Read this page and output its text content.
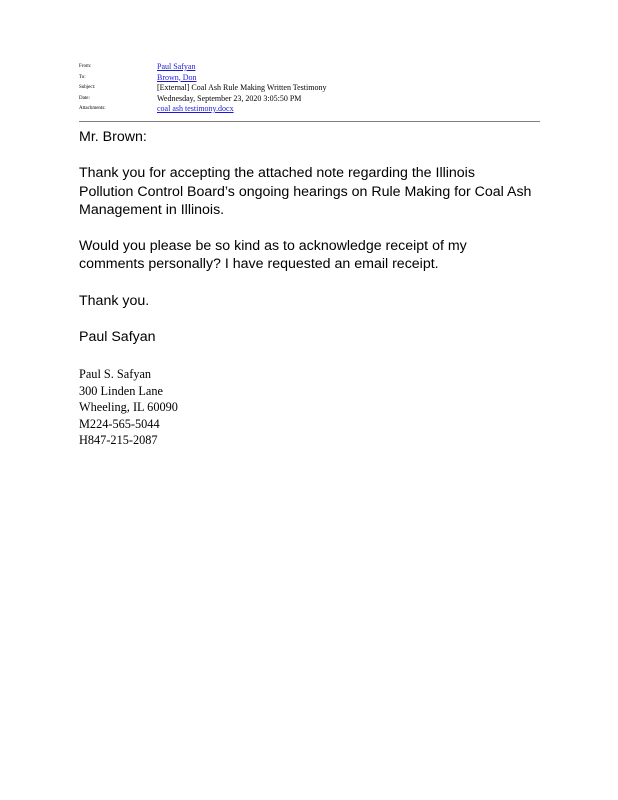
From:	Paul Safyan
To:	Brown, Don
Subject:	[External] Coal Ash Rule Making Written Testimony
Date:	Wednesday, September 23, 2020 3:05:50 PM
Attachments:	coal ash testimony.docx

Mr. Brown:

Thank you for accepting the attached note regarding the Illinois
Pollution Control Board’s ongoing hearings on Rule Making for Coal Ash
Management in Illinois.

Would you please be so kind as to acknowledge receipt of my
comments personally? I have requested an email receipt.

Thank you.

Paul Safyan

Paul S. Safyan
300 Linden Lane
Wheeling, IL 60090
M224-565-5044
H847-215-2087
